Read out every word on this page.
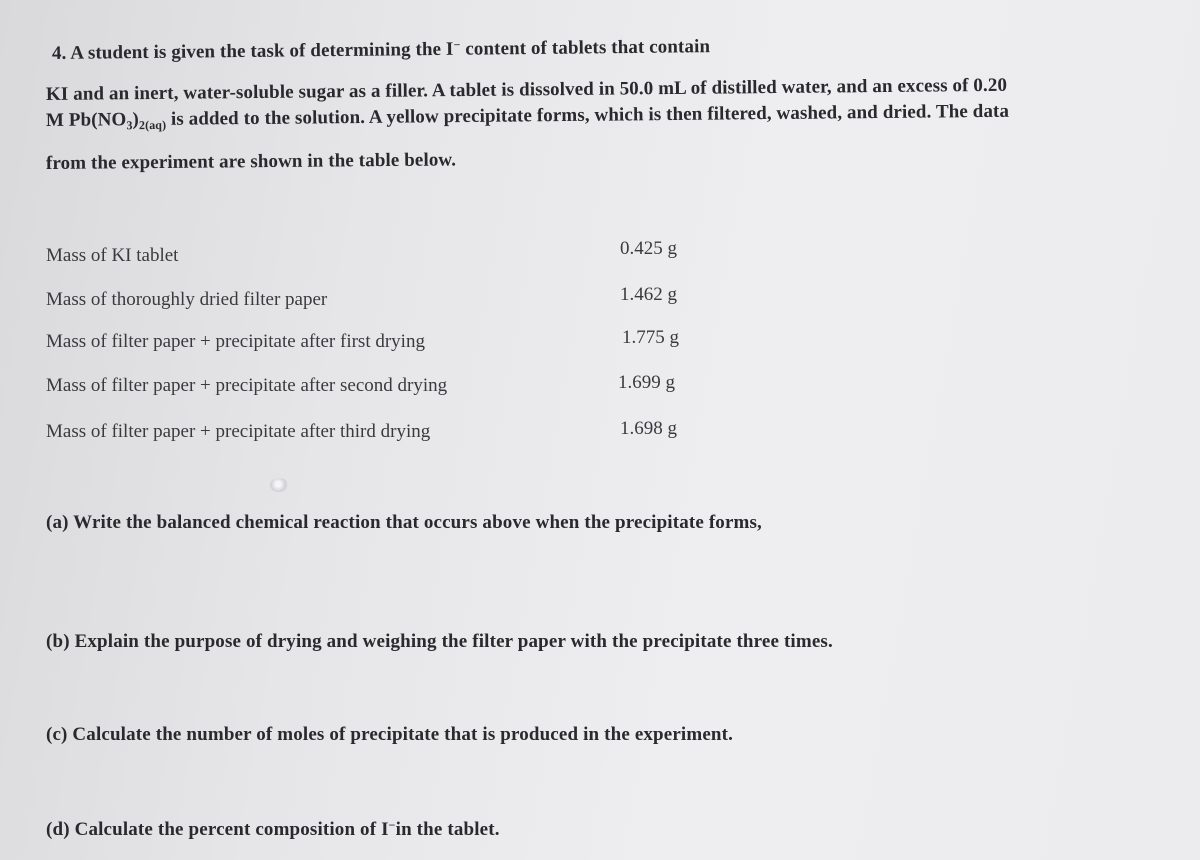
4. A student is given the task of determining the I− content of tablets that contain
KI and an inert, water-soluble sugar as a filler. A tablet is dissolved in 50.0 mL of distilled water, and an excess of 0.20
M $Pb(NO_3)_{2(aq)}$ is added to the solution. A yellow precipitate forms, which is then filtered, washed, and dried. The data
from the experiment are shown in the table below.
Mass of KI tablet	0.425 g
Mass of thoroughly dried filter paper	1.462 g
Mass of filter paper + precipitate after first drying	1.775 g
Mass of filter paper + precipitate after second drying	1.699 g
Mass of filter paper + precipitate after third drying	1.698 g
(a) Write the balanced chemical reaction that occurs above when the precipitate forms,
(b) Explain the purpose of drying and weighing the filter paper with the precipitate three times.
(c) Calculate the number of moles of precipitate that is produced in the experiment.
(d) Calculate the percent composition of I−in the tablet.
